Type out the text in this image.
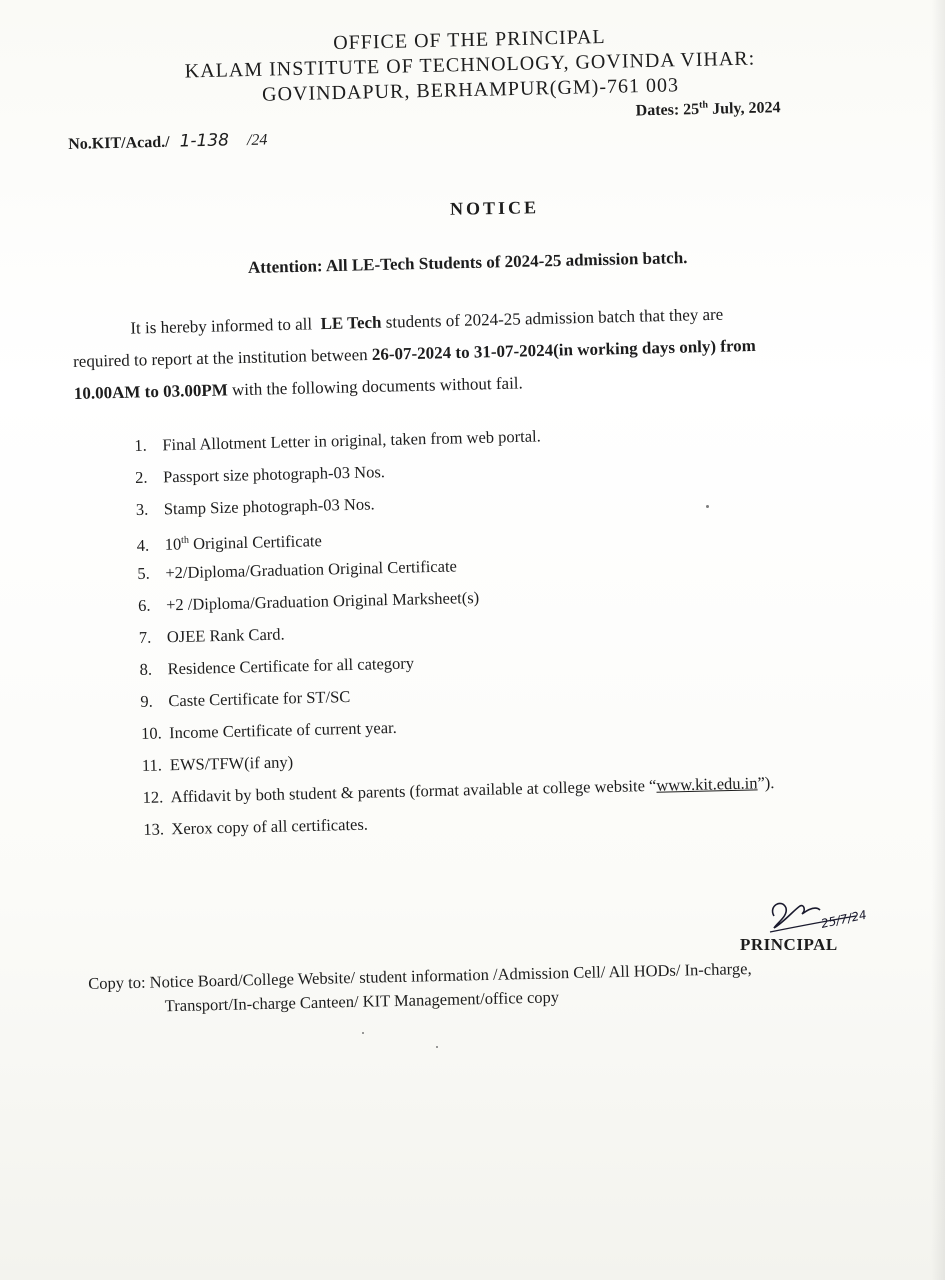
OFFICE OF THE PRINCIPAL
KALAM INSTITUTE OF TECHNOLOGY, GOVINDA VIHAR:
GOVINDAPUR, BERHAMPUR(GM)-761 003
No.KIT/Acad./ 1-138 /24
Dates: 25th July, 2024
NOTICE
Attention: All LE-Tech Students of 2024-25 admission batch.
It is hereby informed to all  LE Tech students of 2024-25 admission batch that they are
required to report at the institution between 26-07-2024 to 31-07-2024(in working days only) from
10.00AM to 03.00PM with the following documents without fail.
1. Final Allotment Letter in original, taken from web portal.
2. Passport size photograph-03 Nos.
3. Stamp Size photograph-03 Nos.
4. 10th Original Certificate
5. +2/Diploma/Graduation Original Certificate
6. +2 /Diploma/Graduation Original Marksheet(s)
7. OJEE Rank Card.
8. Residence Certificate for all category
9. Caste Certificate for ST/SC
10. Income Certificate of current year.
11. EWS/TFW(if any)
12. Affidavit by both student & parents (format available at college website “www.kit.edu.in”).
13. Xerox copy of all certificates.
25/7/24
PRINCIPAL
Copy to: Notice Board/College Website/ student information /Admission Cell/ All HODs/ In-charge,
Transport/In-charge Canteen/ KIT Management/office copy
